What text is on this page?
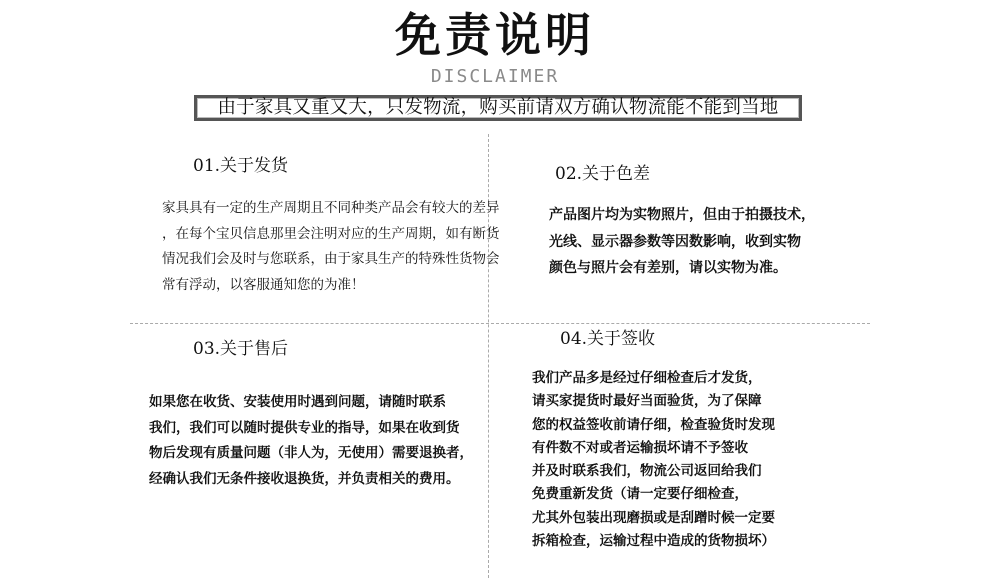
免责说明
DISCLAIMER
由于家具又重又大，只发物流，购买前请双方确认物流能不能到当地
01.关于发货
家具具有一定的生产周期且不同种类产品会有较大的差异
，在每个宝贝信息那里会注明对应的生产周期，如有断货
情况我们会及时与您联系，由于家具生产的特殊性货物会
常有浮动，以客服通知您的为准！
02.关于色差
产品图片均为实物照片，但由于拍摄技术，
光线、显示器参数等因数影响，收到实物
颜色与照片会有差别，请以实物为准。
03.关于售后
如果您在收货、安装使用时遇到问题，请随时联系
我们，我们可以随时提供专业的指导，如果在收到货
物后发现有质量问题（非人为，无使用）需要退换者，
经确认我们无条件接收退换货，并负责相关的费用。
04.关于签收
我们产品多是经过仔细检查后才发货，
请买家提货时最好当面验货，为了保障
您的权益签收前请仔细，检查验货时发现
有件数不对或者运输损坏请不予签收
并及时联系我们，物流公司返回给我们
免费重新发货（请一定要仔细检查，
尤其外包装出现磨损或是刮蹭时候一定要
拆箱检查，运输过程中造成的货物损坏）
